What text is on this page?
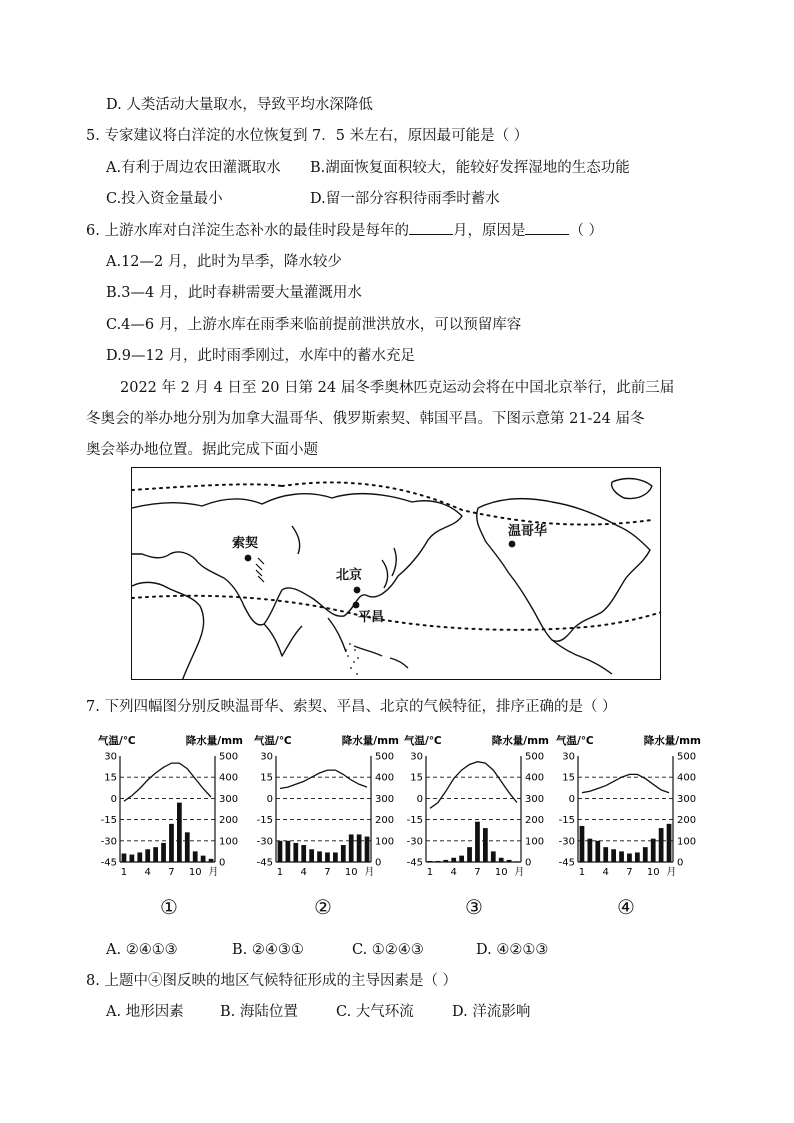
D. 人类活动大量取水，导致平均水深降低
5. 专家建议将白洋淀的水位恢复到 7．5 米左右，原因最可能是（ ）
A.有利于周边农田灌溉取水 B.湖面恢复面积较大，能较好发挥湿地的生态功能
C.投入资金量最小	D.留一部分容积待雨季时蓄水
6. 上游水库对白洋淀生态补水的最佳时段是每年的	月，原因是	（ ）
A.12—2 月，此时为旱季，降水较少
B.3—4 月，此时春耕需要大量灌溉用水
C.4—6 月，上游水库在雨季来临前提前泄洪放水，可以预留库容
D.9—12 月，此时雨季刚过，水库中的蓄水充足
2022 年 2 月 4 日至 20 日第 24 届冬季奥林匹克运动会将在中国北京举行，此前三届
冬奥会的举办地分别为加拿大温哥华、俄罗斯索契、韩国平昌。下图示意第 21-24 届冬
奥会举办地位置。据此完成下面小题
索契
北京
平昌
温哥华
7. 下列四幅图分别反映温哥华、索契、平昌、北京的气候特征，排序正确的是（ ）
气温/℃	降水量/mm
30	500
15	400
0	300
-15	200
-30	100
-45	0
1 4 7 10 月
气温/℃	降水量/mm
30	500
15	400
0	300
-15	200
-30	100
-45	0
1 4 7 10 月
气温/℃	降水量/mm
30	500
15	400
0	300
-15	200
-30	100
-45	0
1 4 7 10 月
气温/℃	降水量/mm
30	500
15	400
0	300
-15	200
-30	100
-45	0
1 4 7 10 月
①	②	③	④
A. ②④①③	B. ②④③①	C. ①②④③	D. ④②①③
8. 上题中④图反映的地区气候特征形成的主导因素是（ ）
A. 地形因素	B. 海陆位置	C. 大气环流	D. 洋流影响
